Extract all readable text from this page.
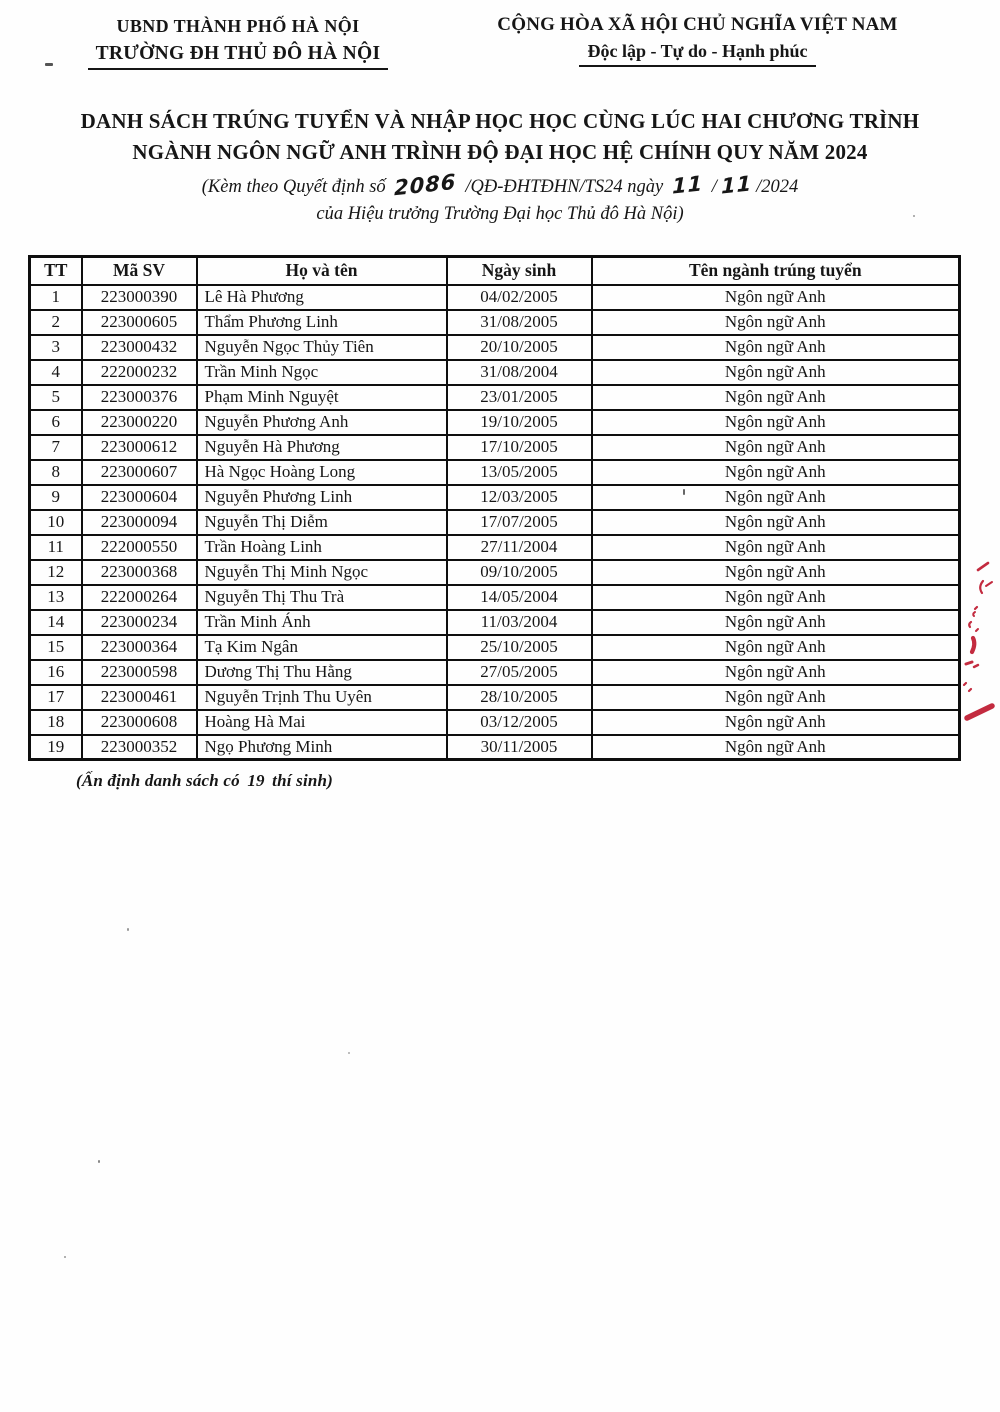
UBND THÀNH PHỐ HÀ NỘI
TRƯỜNG ĐH THỦ ĐÔ HÀ NỘI
CỘNG HÒA XÃ HỘI CHỦ NGHĨA VIỆT NAM
Độc lập - Tự do - Hạnh phúc
DANH SÁCH TRÚNG TUYỂN VÀ NHẬP HỌC HỌC CÙNG LÚC HAI CHƯƠNG TRÌNH
NGÀNH NGÔN NGỮ ANH TRÌNH ĐỘ ĐẠI HỌC HỆ CHÍNH QUY NĂM 2024
(Kèm theo Quyết định số 2086 /QĐ-ĐHTĐHN/TS24 ngày 11 / 11 /2024
của Hiệu trưởng Trường Đại học Thủ đô Hà Nội)
TT	Mã SV	Họ và tên	Ngày sinh	Tên ngành trúng tuyển
1	223000390	Lê Hà Phương	04/02/2005	Ngôn ngữ Anh
2	223000605	Thẩm Phương Linh	31/08/2005	Ngôn ngữ Anh
3	223000432	Nguyễn Ngọc Thủy Tiên	20/10/2005	Ngôn ngữ Anh
4	222000232	Trần Minh Ngọc	31/08/2004	Ngôn ngữ Anh
5	223000376	Phạm Minh Nguyệt	23/01/2005	Ngôn ngữ Anh
6	223000220	Nguyễn Phương Anh	19/10/2005	Ngôn ngữ Anh
7	223000612	Nguyễn Hà Phương	17/10/2005	Ngôn ngữ Anh
8	223000607	Hà Ngọc Hoàng Long	13/05/2005	Ngôn ngữ Anh
9	223000604	Nguyễn Phương Linh	12/03/2005	Ngôn ngữ Anh
10	223000094	Nguyễn Thị Diễm	17/07/2005	Ngôn ngữ Anh
11	222000550	Trần Hoàng Linh	27/11/2004	Ngôn ngữ Anh
12	223000368	Nguyễn Thị Minh Ngọc	09/10/2005	Ngôn ngữ Anh
13	222000264	Nguyễn Thị Thu Trà	14/05/2004	Ngôn ngữ Anh
14	223000234	Trần Minh Ánh	11/03/2004	Ngôn ngữ Anh
15	223000364	Tạ Kim Ngân	25/10/2005	Ngôn ngữ Anh
16	223000598	Dương Thị Thu Hằng	27/05/2005	Ngôn ngữ Anh
17	223000461	Nguyễn Trịnh Thu Uyên	28/10/2005	Ngôn ngữ Anh
18	223000608	Hoàng Hà Mai	03/12/2005	Ngôn ngữ Anh
19	223000352	Ngọ Phương Minh	30/11/2005	Ngôn ngữ Anh
(Ấn định danh sách có 19 thí sinh)
